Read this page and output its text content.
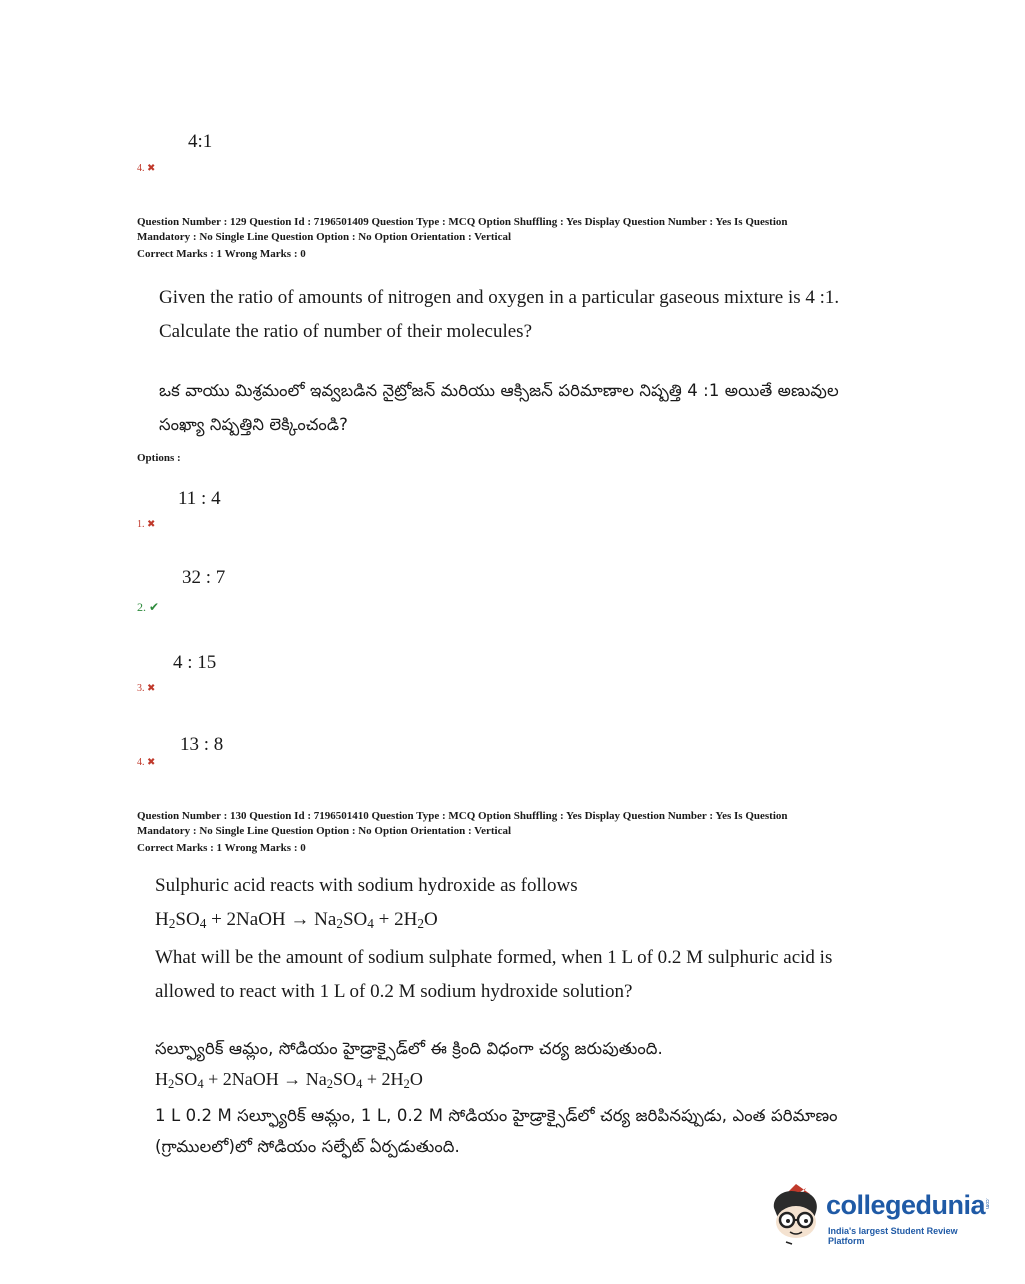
4:1
4. ✖
Question Number : 129 Question Id : 7196501409 Question Type : MCQ Option Shuffling : Yes Display Question Number : Yes Is Question
Mandatory : No Single Line Question Option : No Option Orientation : Vertical
Correct Marks : 1 Wrong Marks : 0
Given the ratio of amounts of nitrogen and oxygen in a particular gaseous mixture is 4 :1.
Calculate the ratio of number of their molecules?
ఒక వాయు మిశ్రమంలో ఇవ్వబడిన నైట్రోజన్ మరియు ఆక్సిజన్ పరిమాణాల నిష్పత్తి 4 :1 అయితే అణువుల
సంఖ్యా నిష్పత్తిని లెక్కించండి?
Options :
11 : 4
1. ✖
32 : 7
2. ✔
4 : 15
3. ✖
13 : 8
4. ✖
Question Number : 130 Question Id : 7196501410 Question Type : MCQ Option Shuffling : Yes Display Question Number : Yes Is Question
Mandatory : No Single Line Question Option : No Option Orientation : Vertical
Correct Marks : 1 Wrong Marks : 0
Sulphuric acid reacts with sodium hydroxide as follows
$H_2SO_4$ + 2NaOH → $Na_2SO_4 + 2H_2O$
What will be the amount of sodium sulphate formed, when 1 L of 0.2 M sulphuric acid is
allowed to react with 1 L of 0.2 M sodium hydroxide solution?
సల్ఫ్యూరిక్ ఆమ్లం, సోడియం హైడ్రాక్సైడ్‌లో ఈ క్రింది విధంగా చర్య జరుపుతుంది.
$H_2SO_4$ + 2NaOH → $Na_2SO_4 + 2H_2O$
1 L 0.2 M సల్ఫ్యూరిక్ ఆమ్లం, 1 L, 0.2 M సోడియం హైడ్రాక్సైడ్‌లో చర్య జరిపినప్పుడు, ఎంత పరిమాణం
(గ్రాములలో)లో సోడియం సల్ఫేట్ ఏర్పడుతుంది.
collegedunia
.com
India's largest Student Review Platform
